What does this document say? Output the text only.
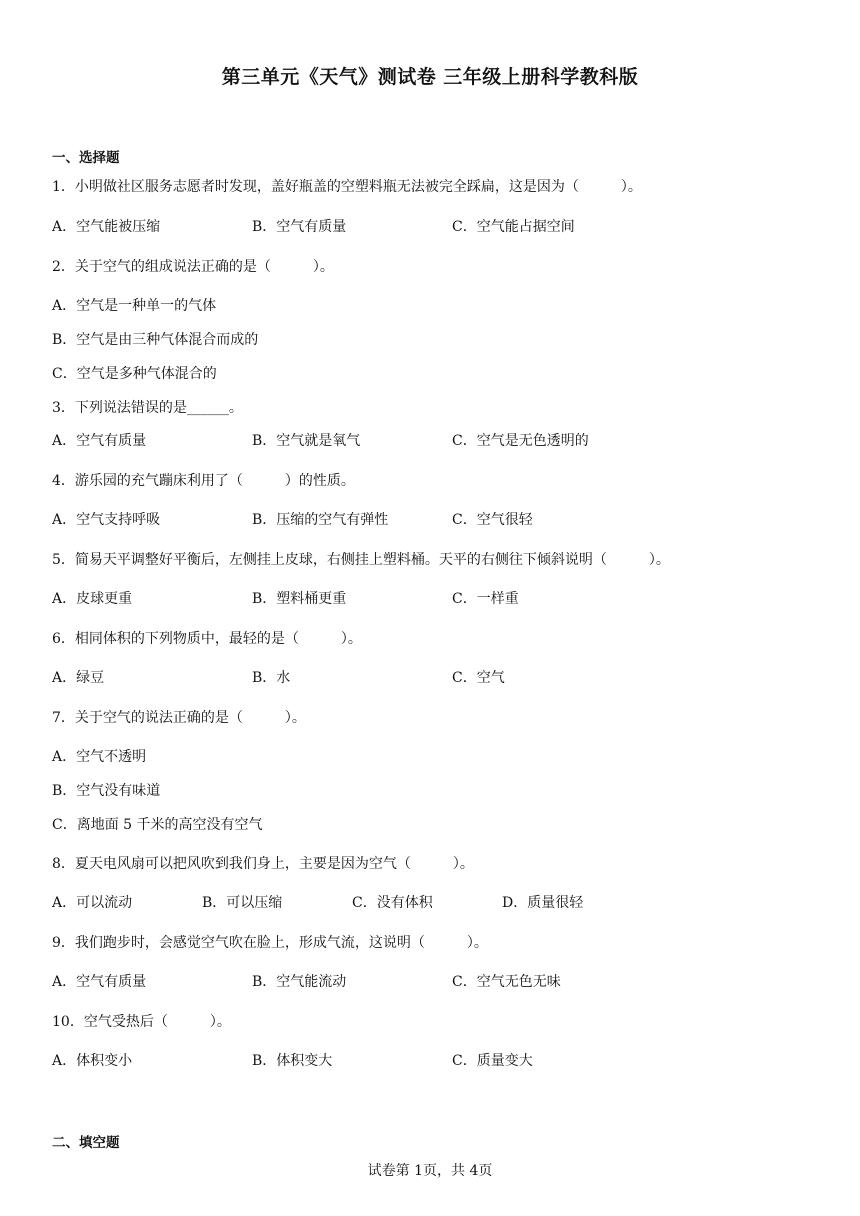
第三单元《天气》测试卷 三年级上册科学教科版
一、选择题
1．小明做社区服务志愿者时发现，盖好瓶盖的空塑料瓶无法被完全踩扁，这是因为（　　　）。
A．空气能被压缩	B．空气有质量	C．空气能占据空间
2．关于空气的组成说法正确的是（　　　）。
A．空气是一种单一的气体
B．空气是由三种气体混合而成的
C．空气是多种气体混合的
3．下列说法错误的是______。
A．空气有质量	B．空气就是氧气	C．空气是无色透明的
4．游乐园的充气蹦床利用了（　　　）的性质。
A．空气支持呼吸	B．压缩的空气有弹性	C．空气很轻
5．简易天平调整好平衡后，左侧挂上皮球，右侧挂上塑料桶。天平的右侧往下倾斜说明（　　　）。
A．皮球更重	B．塑料桶更重	C．一样重
6．相同体积的下列物质中，最轻的是（　　　）。
A．绿豆	B．水	C．空气
7．关于空气的说法正确的是（　　　）。
A．空气不透明
B．空气没有味道
C．离地面 5 千米的高空没有空气
8．夏天电风扇可以把风吹到我们身上，主要是因为空气（　　　）。
A．可以流动	B．可以压缩	C．没有体积	D．质量很轻
9．我们跑步时，会感觉空气吹在脸上，形成气流，这说明（　　　）。
A．空气有质量	B．空气能流动	C．空气无色无味
10．空气受热后（　　　）。
A．体积变小	B．体积变大	C．质量变大
二、填空题
试卷第 1页，共 4页
